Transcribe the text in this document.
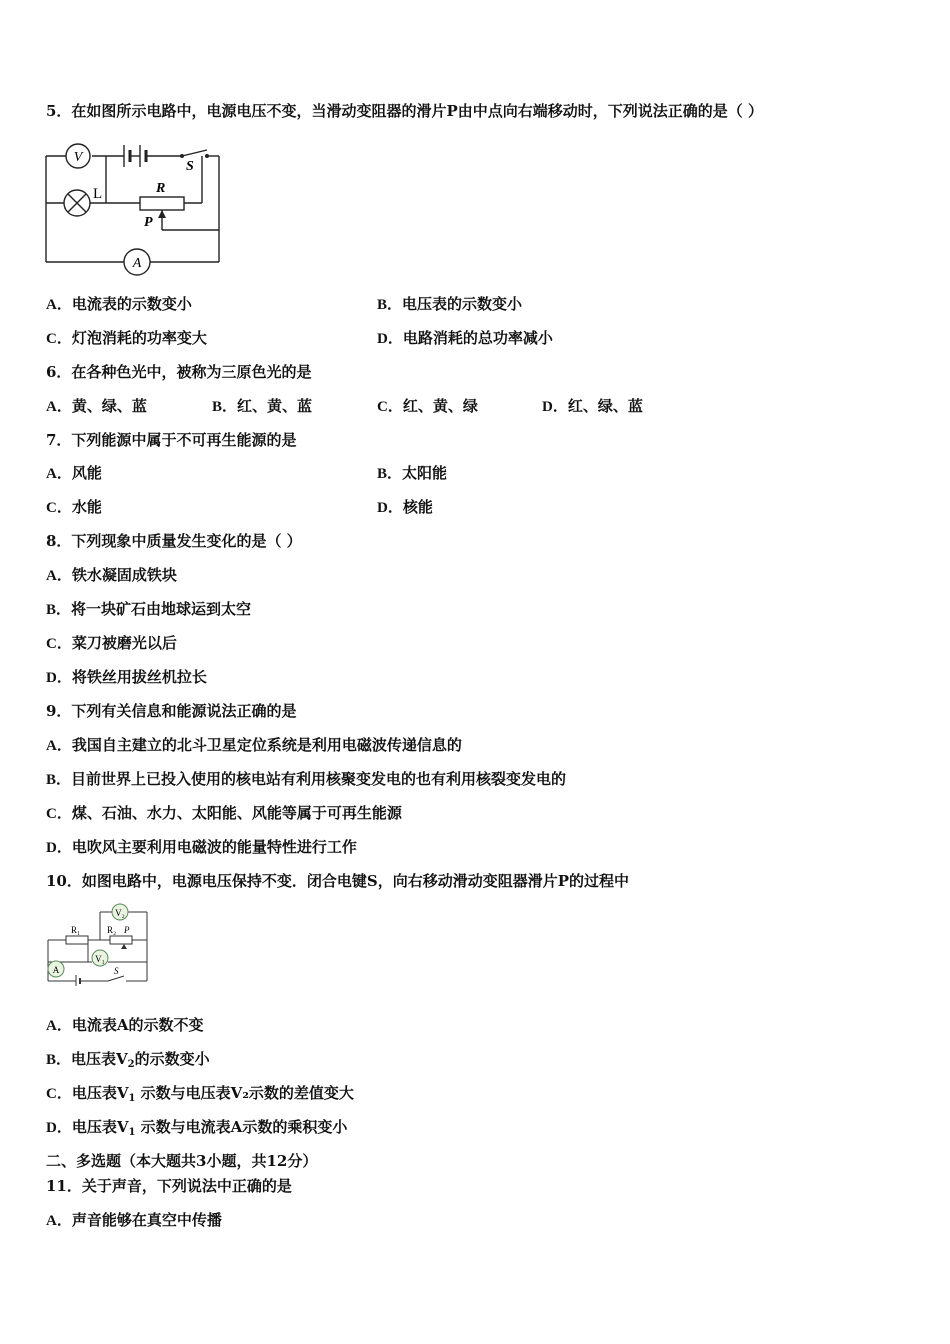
5．在如图所示电路中，电源电压不变，当滑动变阻器的滑片P由中点向右端移动时，下列说法正确的是（ ）
V
A
L	R
P
S
A．电流表的示数变小	B．电压表的示数变小
C．灯泡消耗的功率变大	D．电路消耗的总功率减小
6．在各种色光中，被称为三原色光的是
A．黄、绿、蓝	B．红、黄、蓝	C．红、黄、绿	D．红、绿、蓝
7．下列能源中属于不可再生能源的是
A．风能	B．太阳能
C．水能	D．核能
8．下列现象中质量发生变化的是（ ）
A．铁水凝固成铁块
B．将一块矿石由地球运到太空
C．菜刀被磨光以后
D．将铁丝用拔丝机拉长
9．下列有关信息和能源说法正确的是
A．我国自主建立的北斗卫星定位系统是利用电磁波传递信息的
B．目前世界上已投入使用的核电站有利用核聚变发电的也有利用核裂变发电的
C．煤、石油、水力、太阳能、风能等属于可再生能源
D．电吹风主要利用电磁波的能量特性进行工作
10．如图电路中，电源电压保持不变．闭合电键S，向右移动滑动变阻器滑片P的过程中
V₂
V₁
A
R₁	R₂ P
S
A．电流表A的示数不变
B．电压表$V_2$的示数变小
C．电压表$V_1$ 示数与电压表V₂示数的差值变大
D．电压表$V_1$ 示数与电流表A示数的乘积变小
二、多选题（本大题共3小题，共12分）
11．关于声音，下列说法中正确的是
A．声音能够在真空中传播
